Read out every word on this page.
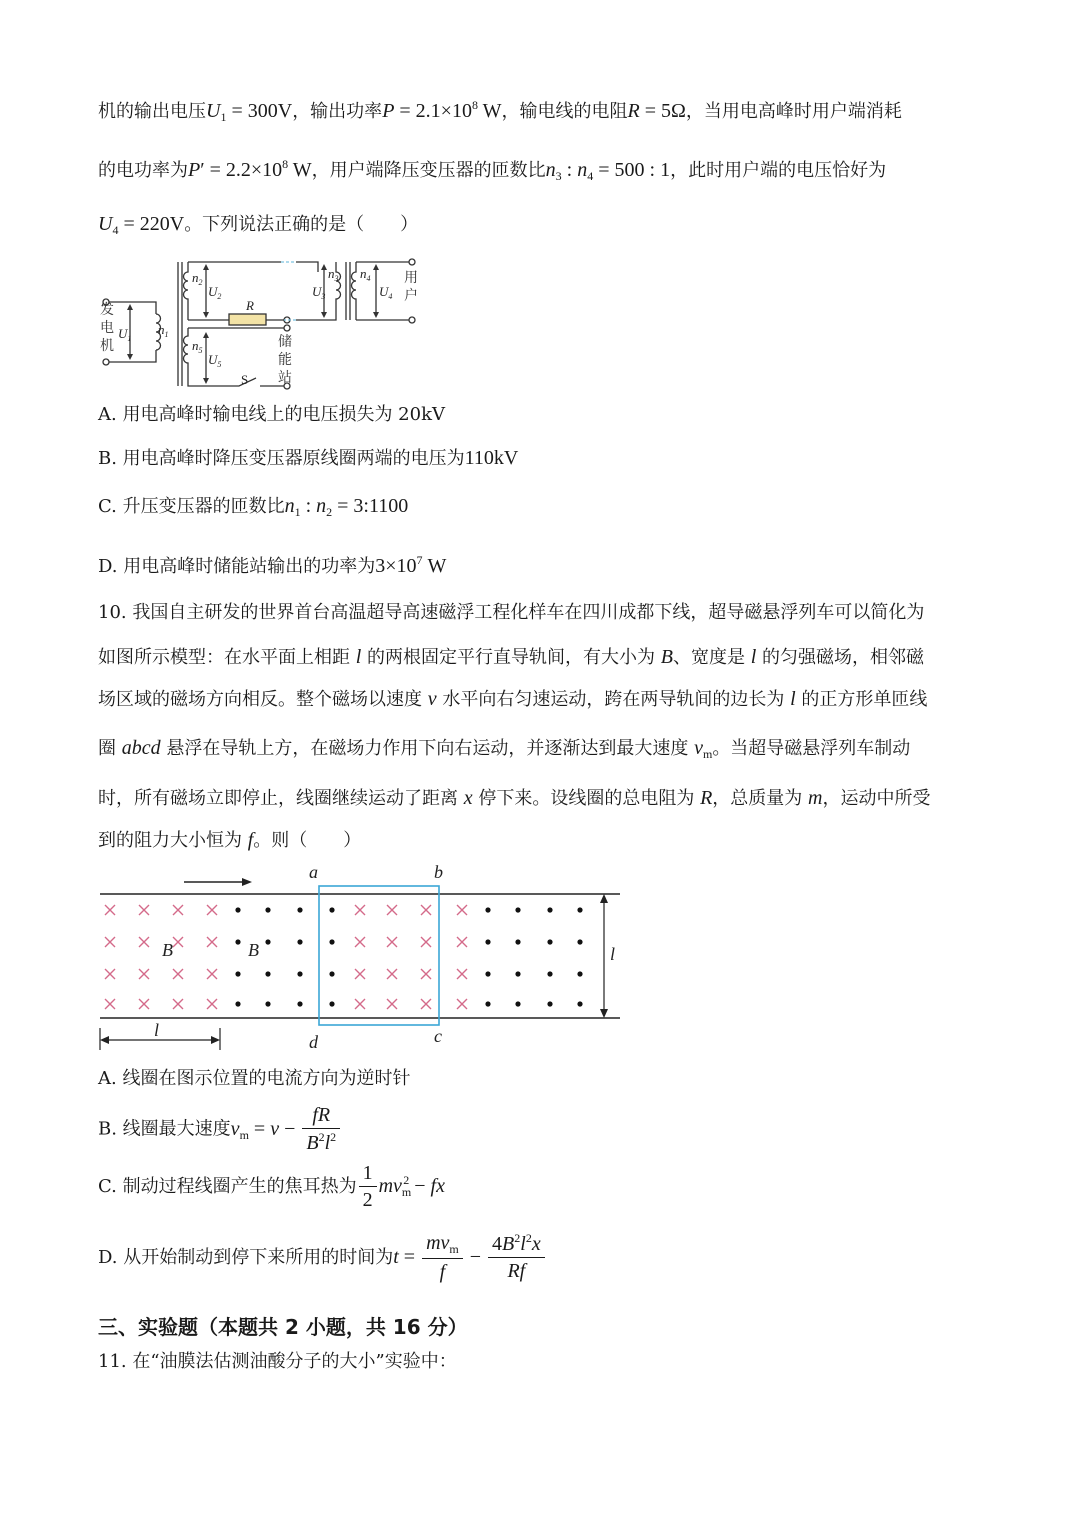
机的输出电压$U_1 = 300V$，输出功率$P = 2.1\times 10^8$ W，输电线的电阻R = 5Ω，当用电高峰时用户端消耗
的电功率为$P' = 2.2\times 10^8$ W，用户端降压变压器的匝数比$n_3$ : $n_4 = 500$ : 1，此时用户端的电压恰好为
$U_4 = 220V$。下列说法正确的是（　　）
$n_2$
$U_2$
$n_3$
$U_3$
$n_4$
$U_4$
$n_1$
$U_1$	$n_5$
$U_5$
R
S
发
电
机
用
户
储
能
站
A. 用电高峰时输电线上的电压损失为 20kV
B. 用电高峰时降压变压器原线圈两端的电压为110kV
C. 升压变压器的匝数比$n_1$ : $n_2$ = 3:1100
D. 用电高峰时储能站输出的功率为$3\times 10^7$ W
10. 我国自主研发的世界首台高温超导高速磁浮工程化样车在四川成都下线，超导磁悬浮列车可以简化为
如图所示模型：在水平面上相距 l 的两根固定平行直导轨间，有大小为 B、宽度是 l 的匀强磁场，相邻磁
场区域的磁场方向相反。整个磁场以速度 v 水平向右匀速运动，跨在两导轨间的边长为 l 的正方形单匝线
圈 abcd 悬浮在导轨上方，在磁场力作用下向右运动，并逐渐达到最大速度 $v_m$。当超导磁悬浮列车制动
时，所有磁场立即停止，线圈继续运动了距离 x 停下来。设线圈的总电阻为 R，总质量为 m，运动中所受
到的阻力大小恒为 f。则（　　）
a	b
c
d
B	B	l
l
A. 线圈在图示位置的电流方向为逆时针
B. 线圈最大速度$v_m = v - \frac{fR}{B^2l^2}$
C. 制动过程线圈产生的焦耳热为 $\frac{1}{2} mv_m^2$ − fx
D. 从开始制动到停下来所用的时间为$t = \frac{mv_m}{f} - \frac{4B^2l^2x}{Rf}$
三、实验题（本题共 2 小题，共 16 分）
11. 在“油膜法估测油酸分子的大小”实验中：
